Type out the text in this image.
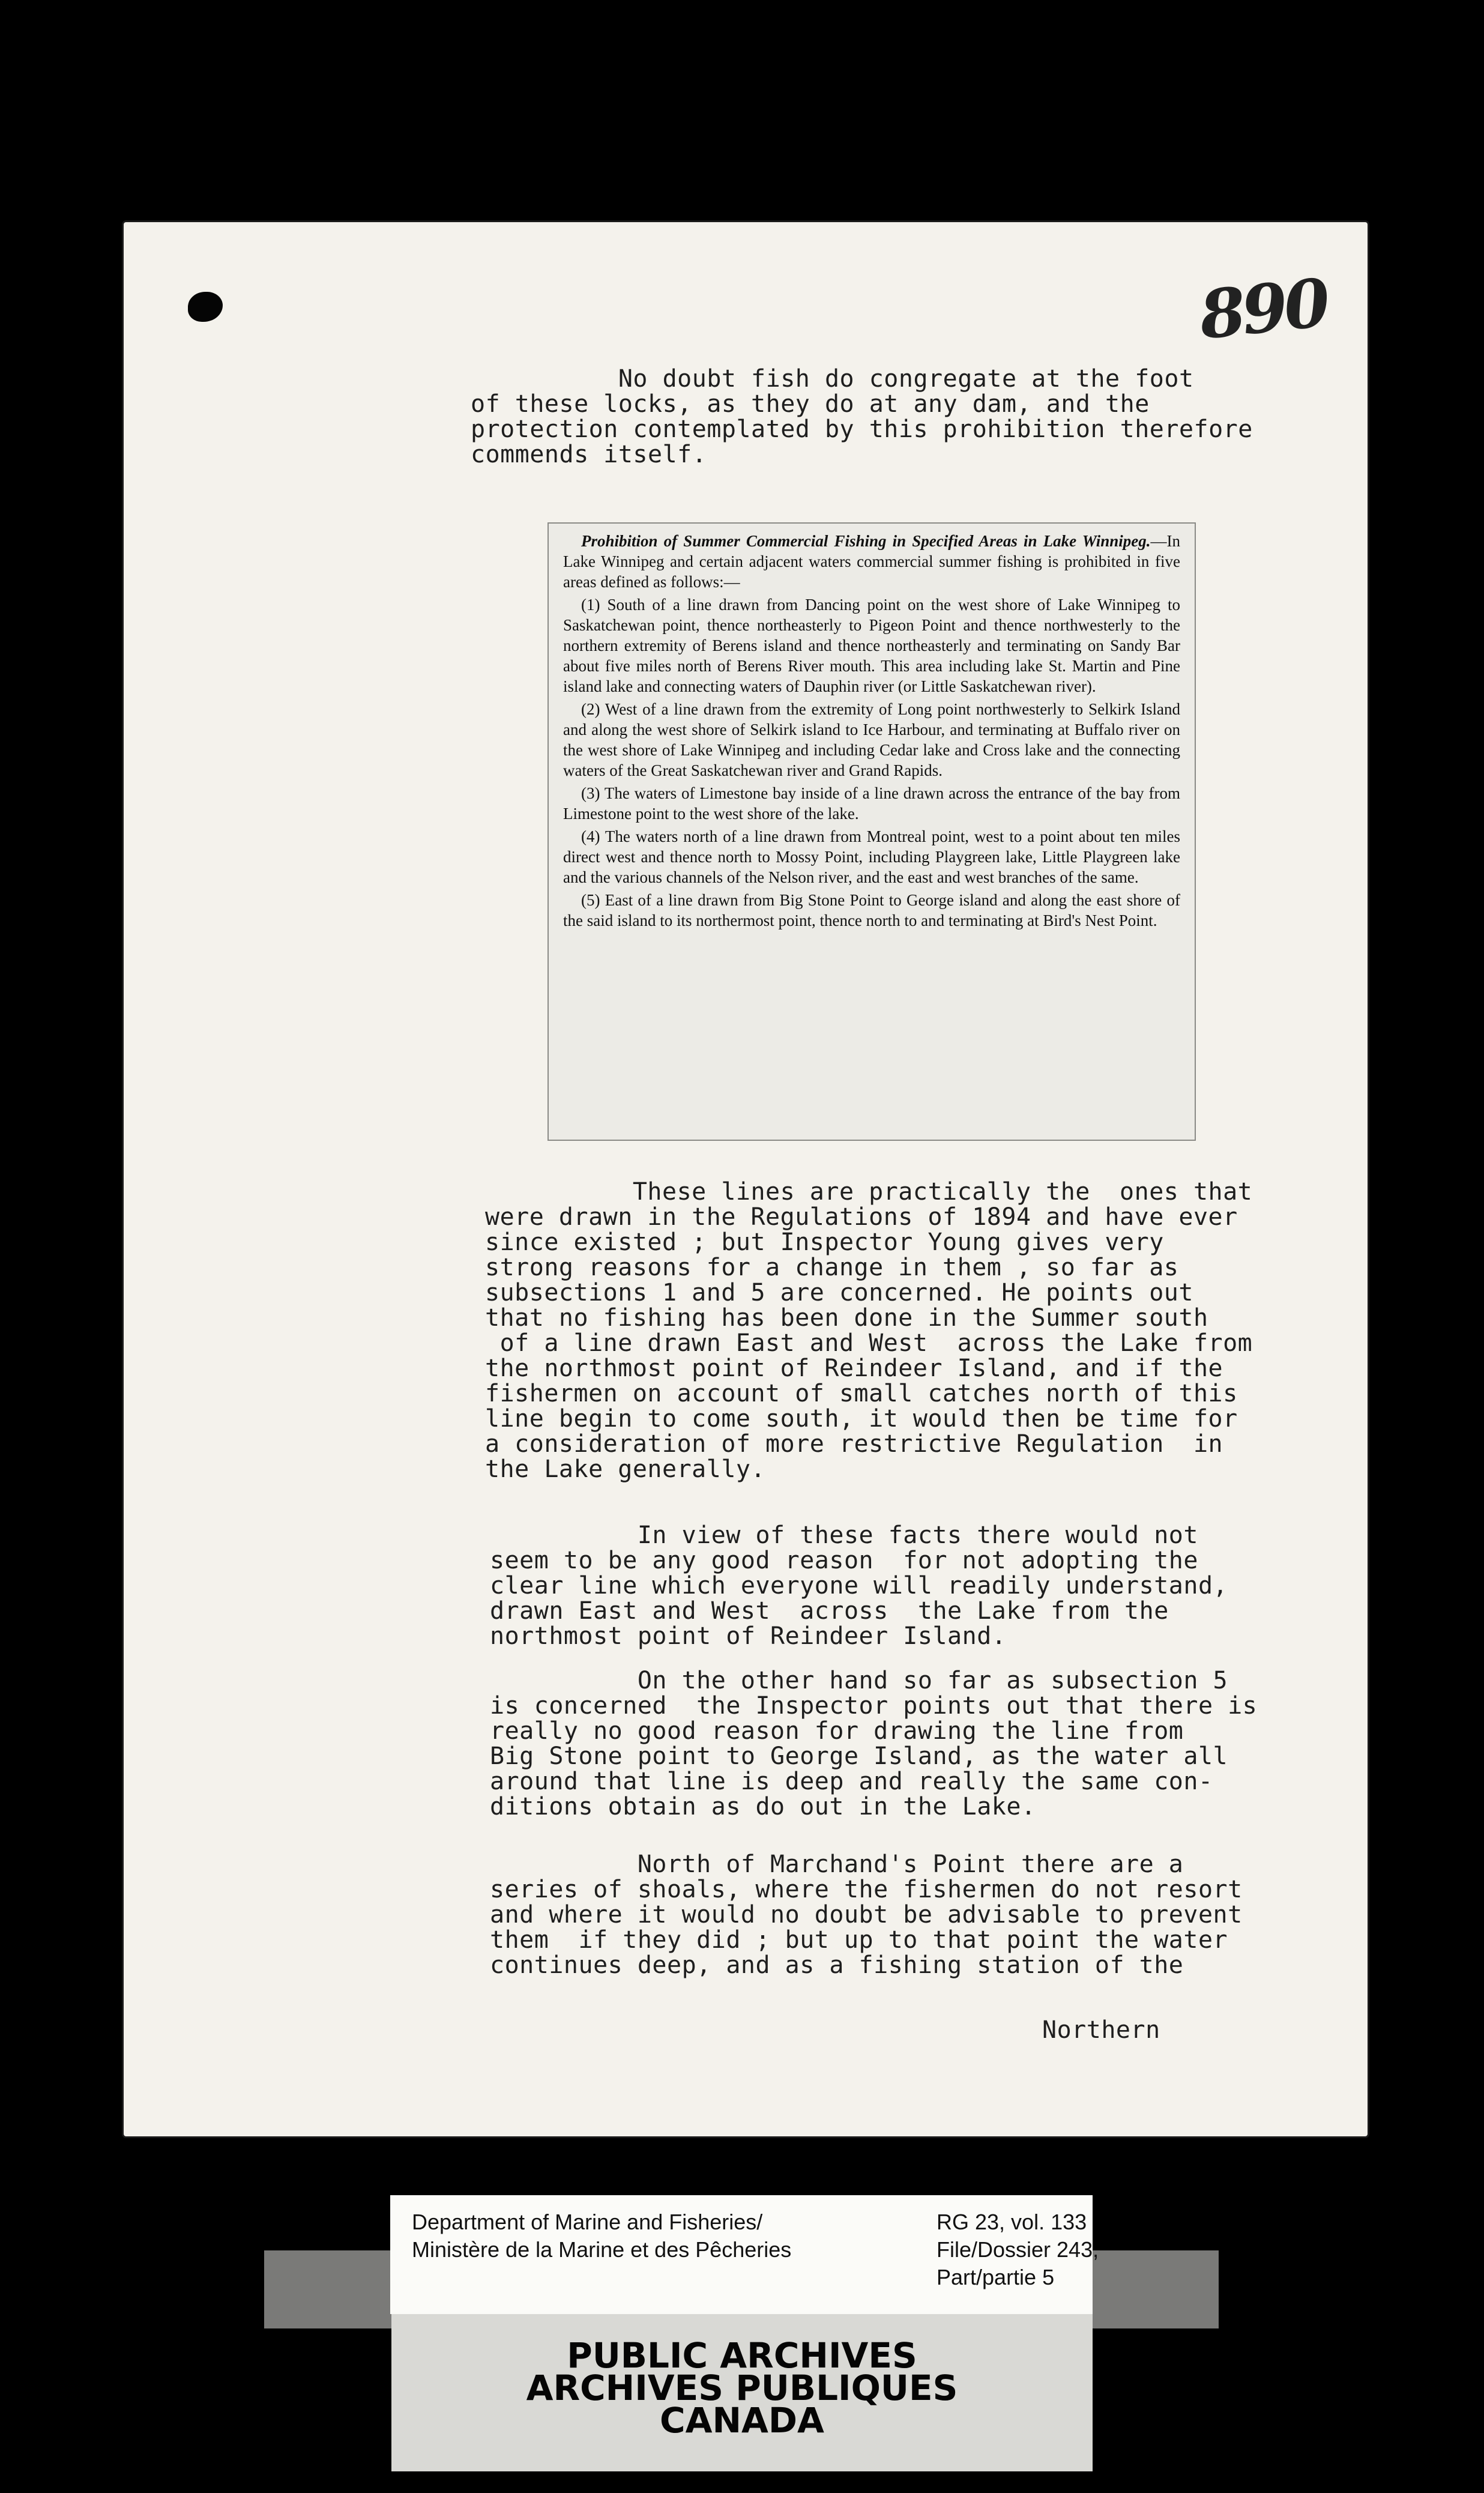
890
No doubt fish do congregate at the foot
of these locks, as they do at any dam, and the
protection contemplated by this prohibition therefore
commends itself.

Prohibition of Summer Commercial Fishing in Specified Areas in Lake Winnipeg.—In Lake Winnipeg and certain adjacent waters commercial summer fishing is prohibited in five areas defined as follows:—

(1) South of a line drawn from Dancing point on the west shore of Lake Winnipeg to Saskatchewan point, thence northeasterly to Pigeon Point and thence northwesterly to the northern extremity of Berens island and thence northeasterly and terminating on Sandy Bar about five miles north of Berens River mouth. This area including lake St. Martin and Pine island lake and connecting waters of Dauphin river (or Little Saskatchewan river).

(2) West of a line drawn from the extremity of Long point northwesterly to Selkirk Island and along the west shore of Selkirk island to Ice Harbour, and terminating at Buffalo river on the west shore of Lake Winnipeg and including Cedar lake and Cross lake and the connecting waters of the Great Saskatchewan river and Grand Rapids.

(3) The waters of Limestone bay inside of a line drawn across the entrance of the bay from Limestone point to the west shore of the lake.

(4) The waters north of a line drawn from Montreal point, west to a point about ten miles direct west and thence north to Mossy Point, including Playgreen lake, Little Playgreen lake and the various channels of the Nelson river, and the east and west branches of the same.

(5) East of a line drawn from Big Stone Point to George island and along the east shore of the said island to its northermost point, thence north to and terminating at Bird's Nest Point.

These lines are practically the  ones that
were drawn in the Regulations of 1894 and have ever
since existed ; but Inspector Young gives very
strong reasons for a change in them , so far as
subsections 1 and 5 are concerned. He points out
that no fishing has been done in the Summer south
of a line drawn East and West  across the Lake from
the northmost point of Reindeer Island, and if the
fishermen on account of small catches north of this
line begin to come south, it would then be time for
a consideration of more restrictive Regulation  in
the Lake generally.
In view of these facts there would not
seem to be any good reason  for not adopting the
clear line which everyone will readily understand,
drawn East and West  across  the Lake from the
northmost point of Reindeer Island.
On the other hand so far as subsection 5
is concerned  the Inspector points out that there is
really no good reason for drawing the line from
Big Stone point to George Island, as the water all
around that line is deep and really the same con-
ditions obtain as do out in the Lake.
North of Marchand's Point there are a
series of shoals, where the fishermen do not resort
and where it would no doubt be advisable to prevent
them  if they did ; but up to that point the water
continues deep, and as a fishing station of the
Northern
PUBLIC ARCHIVES
ARCHIVES PUBLIQUES
CANADA
Department of Marine and Fisheries/
Ministère de la Marine et des Pêcheries
RG 23, vol. 133
File/Dossier 243,
Part/partie 5
